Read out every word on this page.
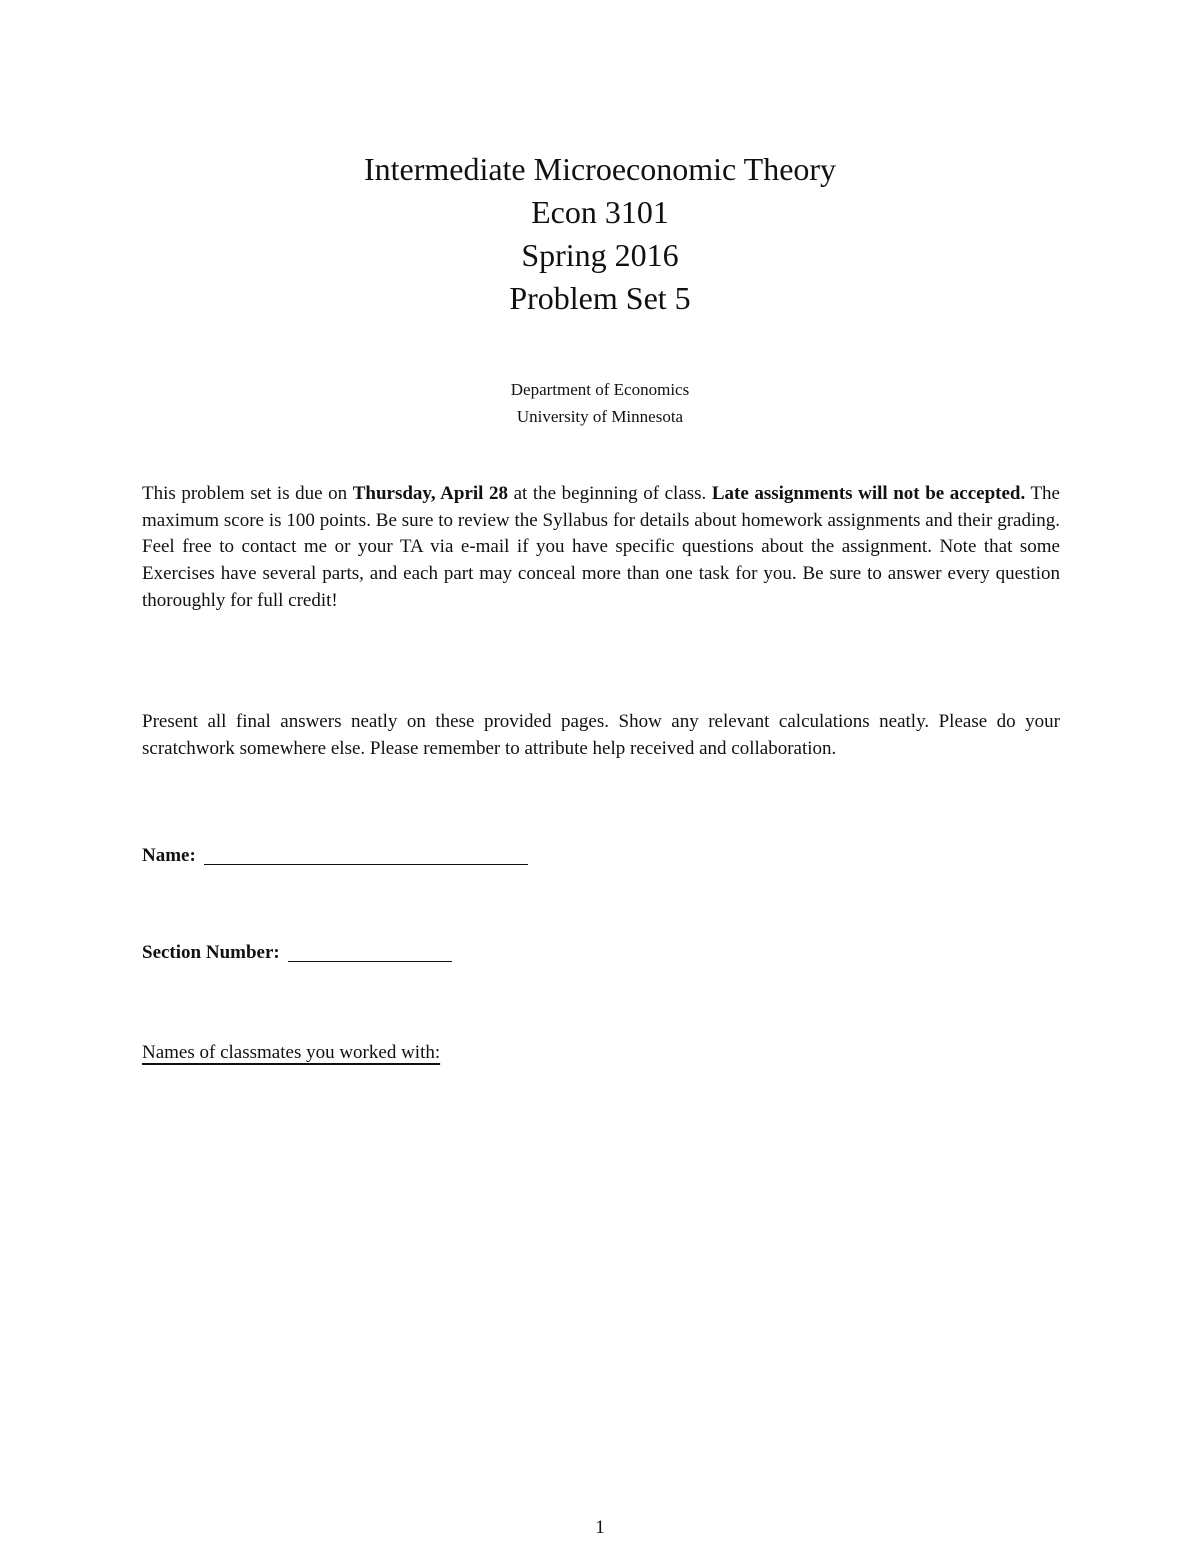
Intermediate Microeconomic Theory
Econ 3101
Spring 2016
Problem Set 5
Department of Economics
University of Minnesota

This problem set is due on Thursday, April 28 at the beginning of class. Late assignments will not be accepted. The maximum score is 100 points. Be sure to review the Syllabus for details about homework assignments and their grading. Feel free to contact me or your TA via e-mail if you have specific questions about the assignment. Note that some Exercises have several parts, and each part may conceal more than one task for you. Be sure to answer every question thoroughly for full credit!

Present all final answers neatly on these provided pages. Show any relevant calculations neatly. Please do your scratchwork somewhere else. Please remember to attribute help received and collaboration.

Name:
Section Number:
Names of classmates you worked with:
1
